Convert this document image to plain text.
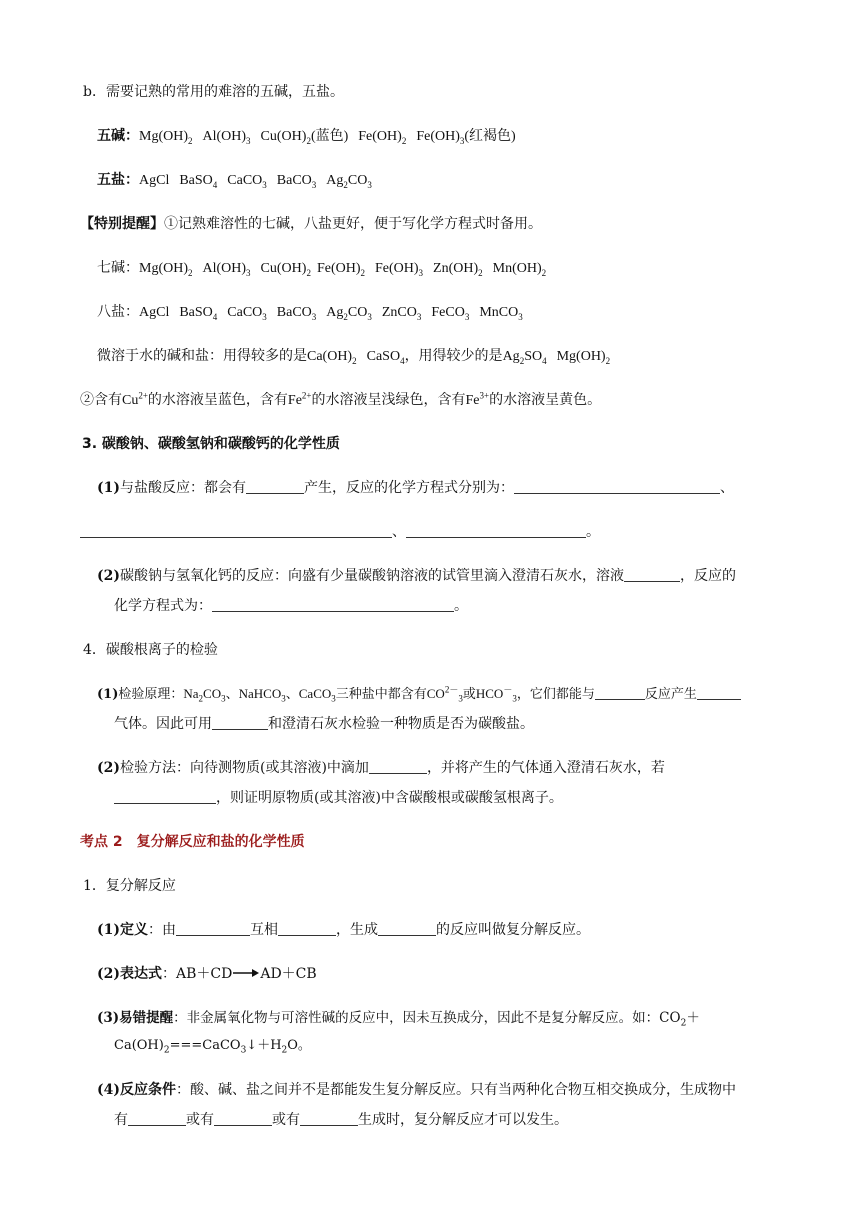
b．需要记熟的常用的难溶的五碱，五盐。
五碱：$Mg(OH)_2$ $Al(OH)_3$ $Cu(OH)_2$(蓝色) $Fe(OH)_2$ $Fe(OH)_3$(红褐色)
五盐：AgCl BaSO$_4$ CaCO$_3$ BaCO$_3$ $Ag_2CO_3$
【特别提醒】①记熟难溶性的七碱，八盐更好，便于写化学方程式时备用。
七碱：$Mg(OH)_2$ $Al(OH)_3$ $Cu(OH)_2$ $Fe(OH)_2$ $Fe(OH)_3$ $Zn(OH)_2$ $Mn(OH)_2$
八盐：AgCl BaSO$_4$ CaCO$_3$ BaCO$_3$ $Ag_2CO_3$ ZnCO$_3$ FeCO$_3$ MnCO$_3$
微溶于水的碱和盐：用得较多的是$Ca(OH)_2$ CaSO$_4$，用得较少的是$Ag_2SO_4$ $Mg(OH)_2$
②含有$Cu^{2+}$的水溶液呈蓝色，含有$Fe^{2+}$的水溶液呈浅绿色，含有$Fe^{3+}$的水溶液呈黄色。
3. 碳酸钠、碳酸氢钠和碳酸钙的化学性质
(1)与盐酸反应：都会有	产生，反应的化学方程式分别为：	、
、	。
(2)碳酸钠与氢氧化钙的反应：向盛有少量碳酸钠溶液的试管里滴入澄清石灰水，溶液	，反应的
化学方程式为：	。
4．碳酸根离子的检验
(1)检验原理：$Na_2CO_3$、NaHCO$_3$、CaCO$_3$三种盐中都含有$CO^{2-}_3$或$HCO^-_3$，它们都能与	反应产生
气体。因此可用	和澄清石灰水检验一种物质是否为碳酸盐。
(2)检验方法：向待测物质(或其溶液)中滴加	，并将产生的气体通入澄清石灰水，若
，则证明原物质(或其溶液)中含碳酸根或碳酸氢根离子。
考点 2　复分解反应和盐的化学性质
1．复分解反应
(1)定义：由	互相	，生成	的反应叫做复分解反应。
(2)表达式：AB＋CD→AD＋CB
(3)易错提醒：非金属氧化物与可溶性碱的反应中，因未互换成分，因此不是复分解反应。如：$CO_2+$
$Ca(OH)_2===CaCO_3↓+H_2O$。
(4)反应条件：酸、碱、盐之间并不是都能发生复分解反应。只有当两种化合物互相交换成分，生成物中
有	或有	或有	生成时，复分解反应才可以发生。
